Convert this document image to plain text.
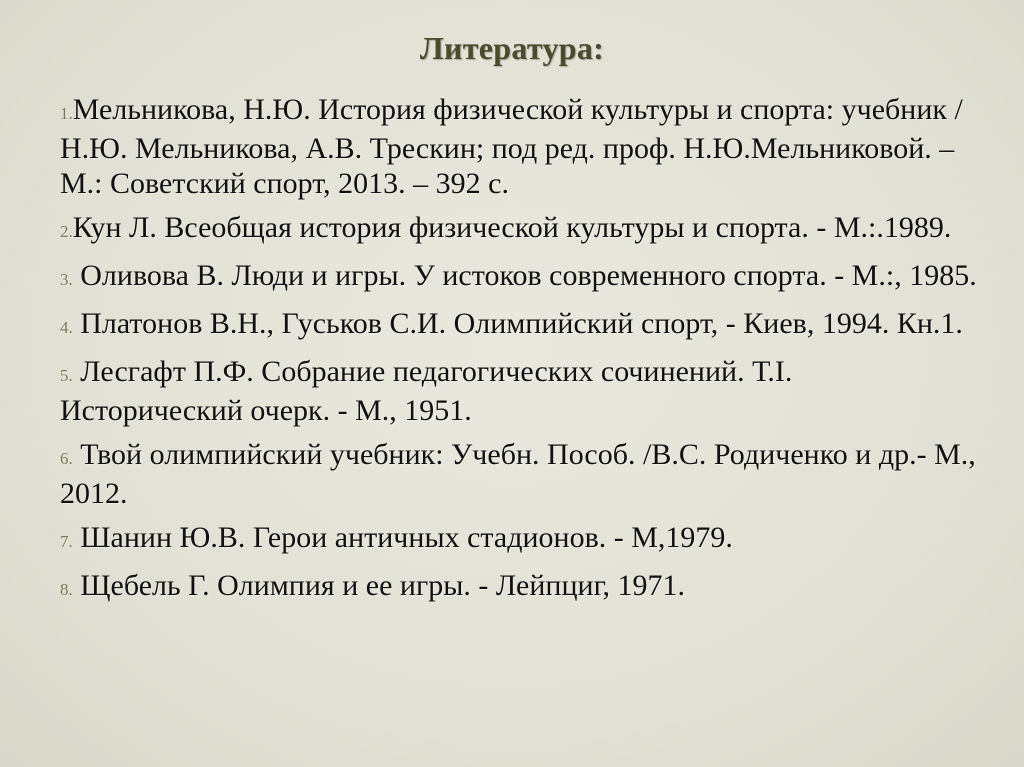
Литература:
1.Мельникова, Н.Ю. История физической культуры и спорта: учебник /Н.Ю. Мельникова, А.В. Трескин; под ред. проф. Н.Ю.Мельниковой. – М.: Советский спорт, 2013. – 392 с.
2.Кун Л. Всеобщая история физической культуры и спорта. - М.:.1989.
3. Оливова В. Люди и игры. У истоков современного спорта. - М.:, 1985.
4. Платонов В.Н., Гуськов С.И. Олимпийский спорт, - Киев, 1994. Кн.1.
5. Лесгафт П.Ф. Собрание педагогических сочинений. Т.I. Исторический очерк. - М., 1951.
6. Твой олимпийский учебник: Учебн. Пособ. /В.С. Родиченко и др.- М., 2012.
7. Шанин Ю.В. Герои античных стадионов. - М,1979.
8. Щебель Г. Олимпия и ее игры. - Лейпциг, 1971.
